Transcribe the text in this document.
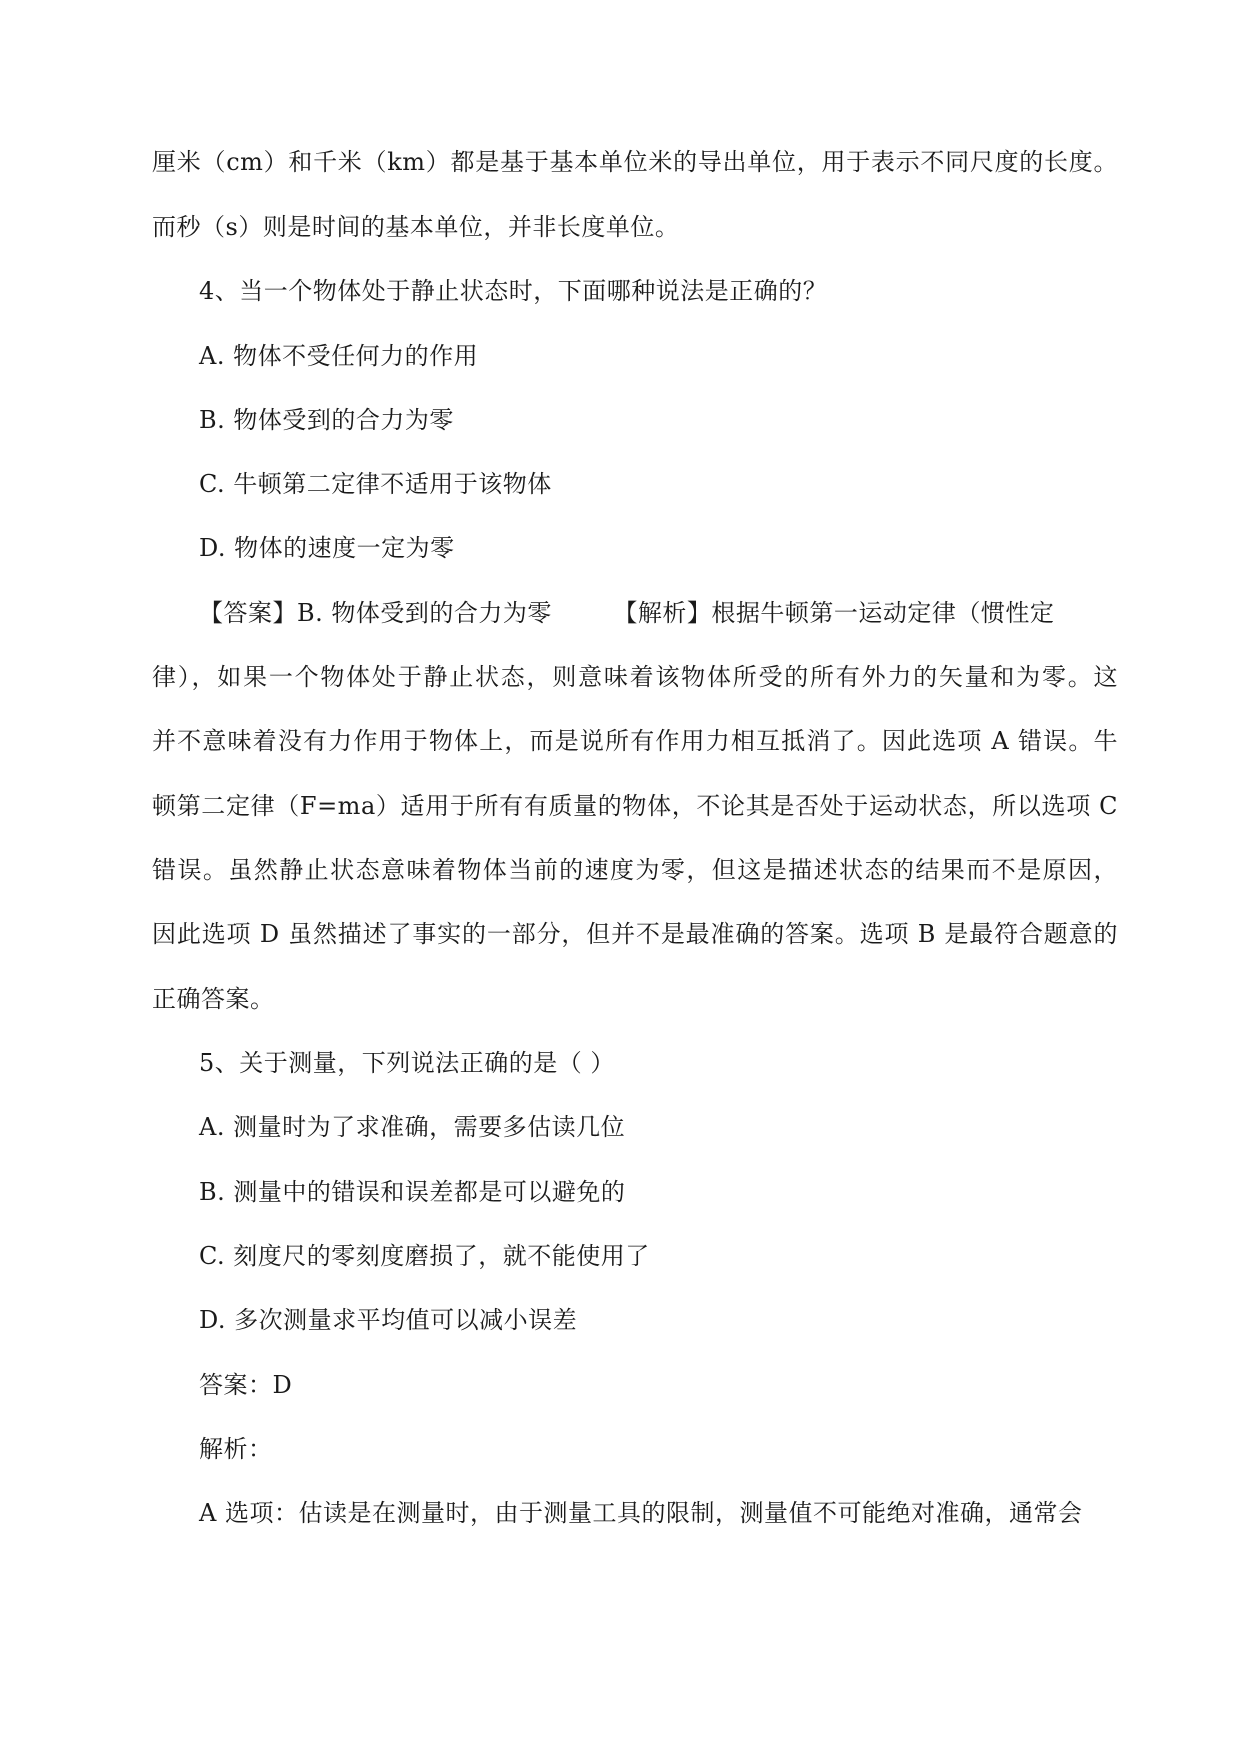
厘米（cm）和千米（km）都是基于基本单位米的导出单位，用于表示不同尺度的长度。

而秒（s）则是时间的基本单位，并非长度单位。

4、当一个物体处于静止状态时，下面哪种说法是正确的？

A. 物体不受任何力的作用

B. 物体受到的合力为零

C. 牛顿第二定律不适用于该物体

D. 物体的速度一定为零

【答案】B. 物体受到的合力为零　　　【解析】根据牛顿第一运动定律（惯性定

律），如果一个物体处于静止状态，则意味着该物体所受的所有外力的矢量和为零。这

并不意味着没有力作用于物体上，而是说所有作用力相互抵消了。因此选项 A 错误。牛

顿第二定律（F=ma）适用于所有有质量的物体，不论其是否处于运动状态，所以选项 C

错误。虽然静止状态意味着物体当前的速度为零，但这是描述状态的结果而不是原因，

因此选项 D 虽然描述了事实的一部分，但并不是最准确的答案。选项 B 是最符合题意的

正确答案。

5、关于测量，下列说法正确的是（ ）

A. 测量时为了求准确，需要多估读几位

B. 测量中的错误和误差都是可以避免的

C. 刻度尺的零刻度磨损了，就不能使用了

D. 多次测量求平均值可以减小误差

答案：D

解析：

A 选项：估读是在测量时，由于测量工具的限制，测量值不可能绝对准确，通常会
